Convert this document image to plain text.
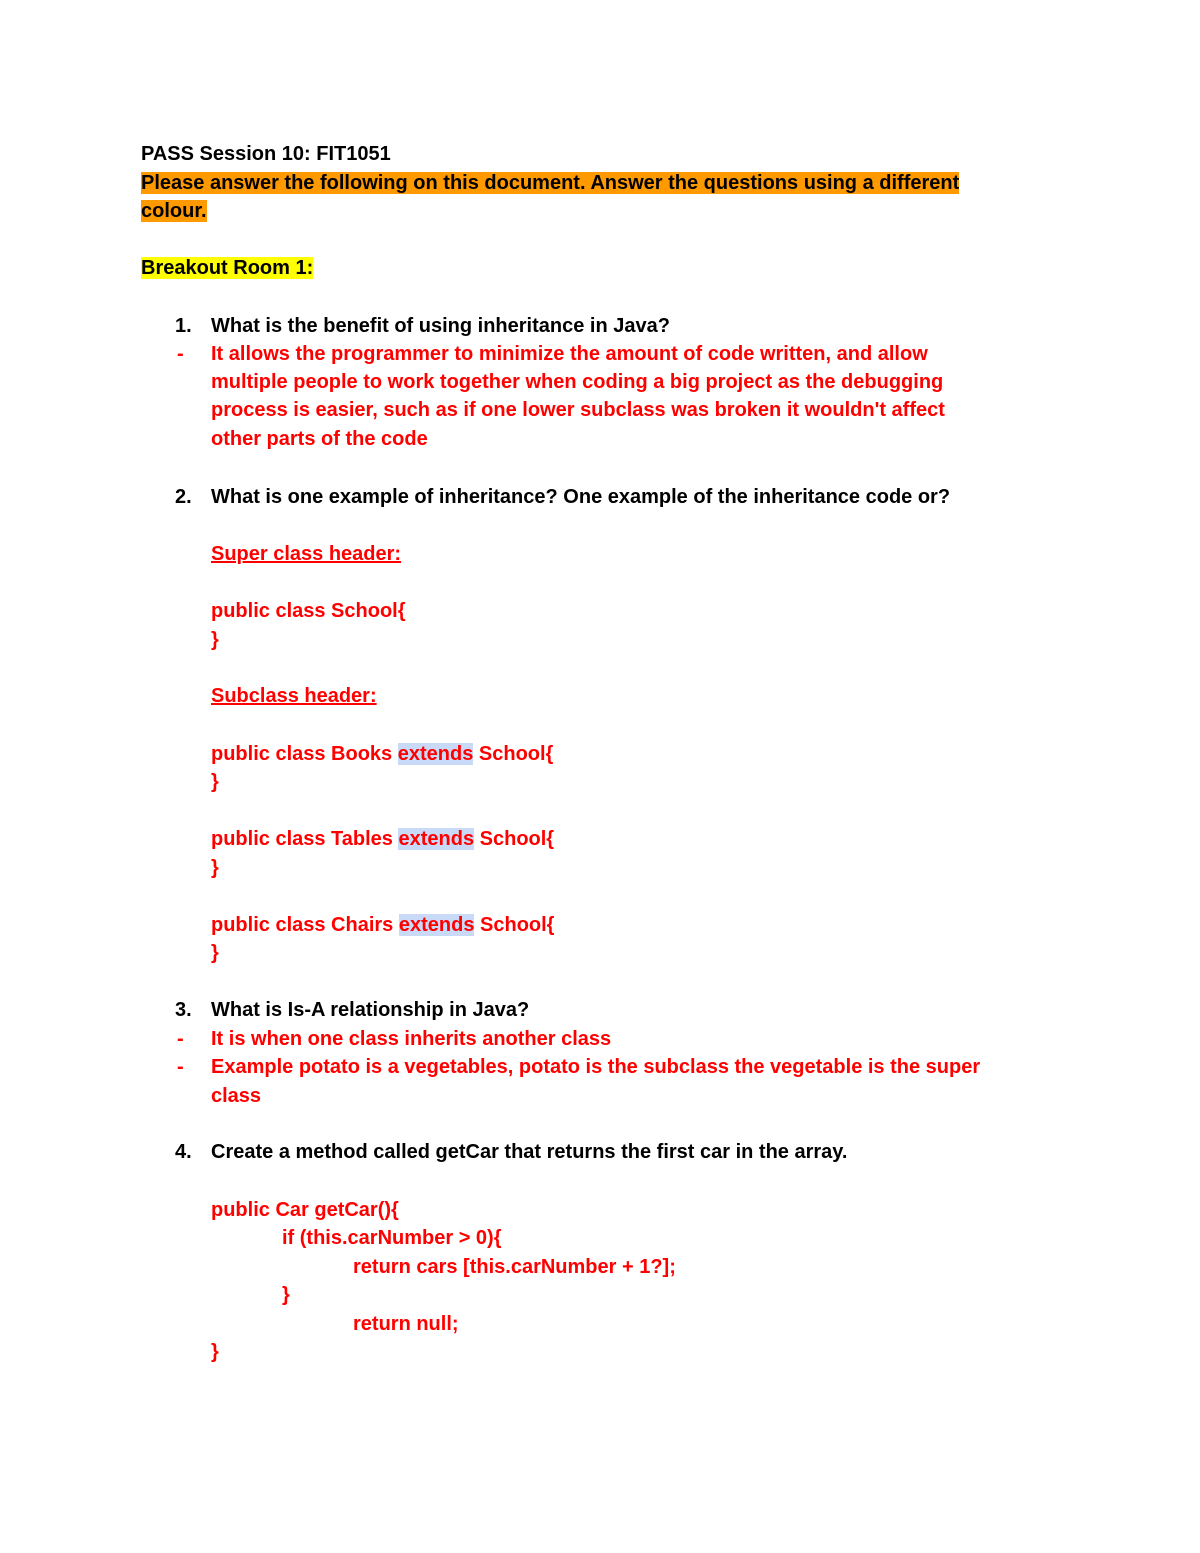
PASS Session 10: FIT1051
Please answer the following on this document. Answer the questions using a different
colour.
Breakout Room 1:
1. What is the benefit of using inheritance in Java?
- It allows the programmer to minimize the amount of code written, and allow
multiple people to work together when coding a big project as the debugging
process is easier, such as if one lower subclass was broken it wouldn't affect
other parts of the code
2. What is one example of inheritance? One example of the inheritance code or?
Super class header:
public class School{
}
Subclass header:
public class Books extends School{
}
public class Tables extends School{
}
public class Chairs extends School{
}
3. What is Is-A relationship in Java?
- It is when one class inherits another class
- Example potato is a vegetables, potato is the subclass the vegetable is the super
class
4. Create a method called getCar that returns the first car in the array.
public Car getCar(){
if (this.carNumber > 0){
return cars [this.carNumber + 1?];
}
return null;
}
